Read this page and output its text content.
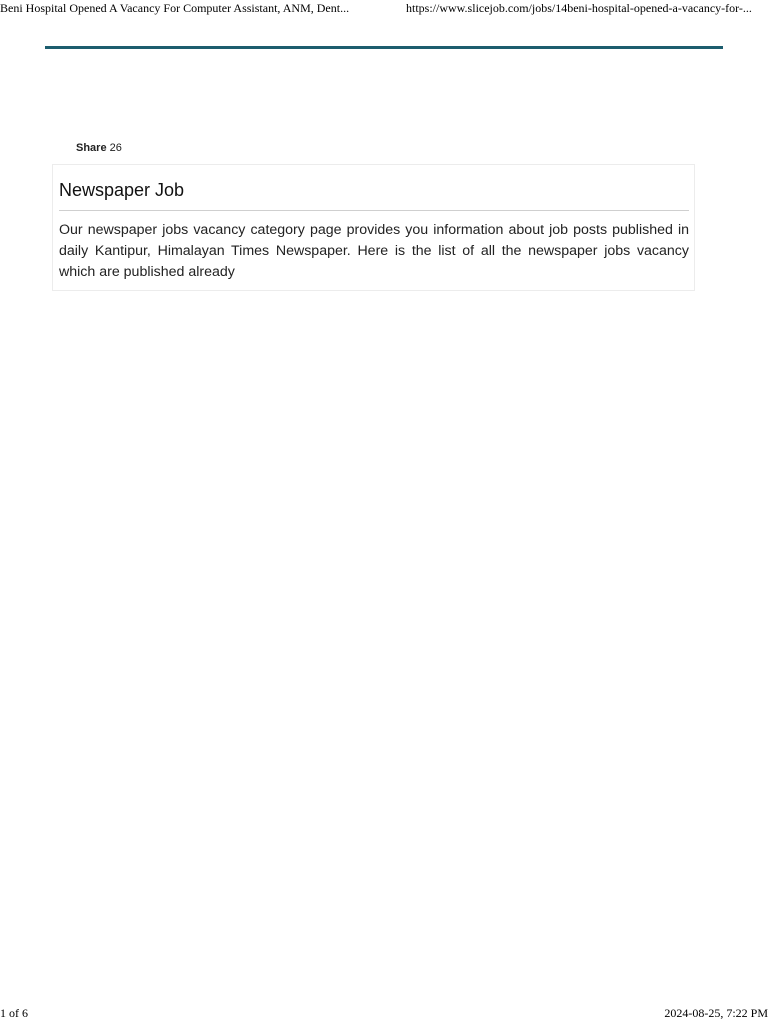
Beni Hospital Opened A Vacancy For Computer Assistant, ANM, Dent...	https://www.slicejob.com/jobs/14beni-hospital-opened-a-vacancy-for-...
Share 26
Newspaper Job

Our newspaper jobs vacancy category page provides you information about job posts published in daily Kantipur, Himalayan Times Newspaper. Here is the list of all the newspaper jobs vacancy which are published already

1 of 6	2024-08-25, 7:22 PM
